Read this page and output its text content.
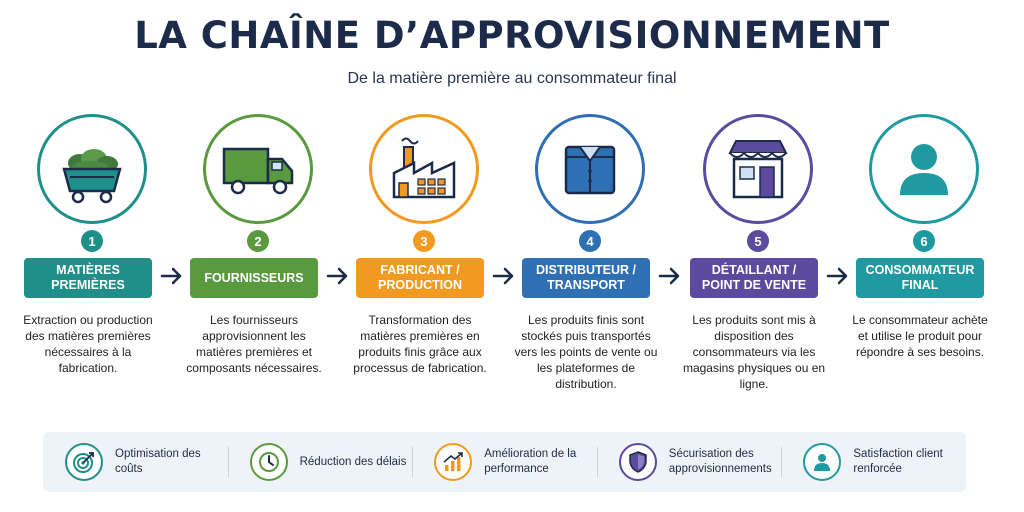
LA CHAÎNE D’APPROVISIONNEMENT
De la matière première au consommateur final
1
MATIÈRES PREMIÈRES
Extraction ou production des matières premières nécessaires à la fabrication.
2
FOURNISSEURS
Les fournisseurs approvisionnent les matières premières et composants nécessaires.
3
FABRICANT / PRODUCTION
Transformation des matières premières en produits finis grâce aux processus de fabrication.
4
DISTRIBUTEUR / TRANSPORT
Les produits finis sont stockés puis transportés vers les points de vente ou les plateformes de distribution.
5
DÉTAILLANT / POINT DE VENTE
Les produits sont mis à disposition des consommateurs via les magasins physiques ou en ligne.
6
CONSOMMATEUR FINAL
Le consommateur achète et utilise le produit pour répondre à ses besoins.
Optimisation des coûts
Réduction des délais
Amélioration de la performance
Sécurisation des approvisionnements
Satisfaction client renforcée
